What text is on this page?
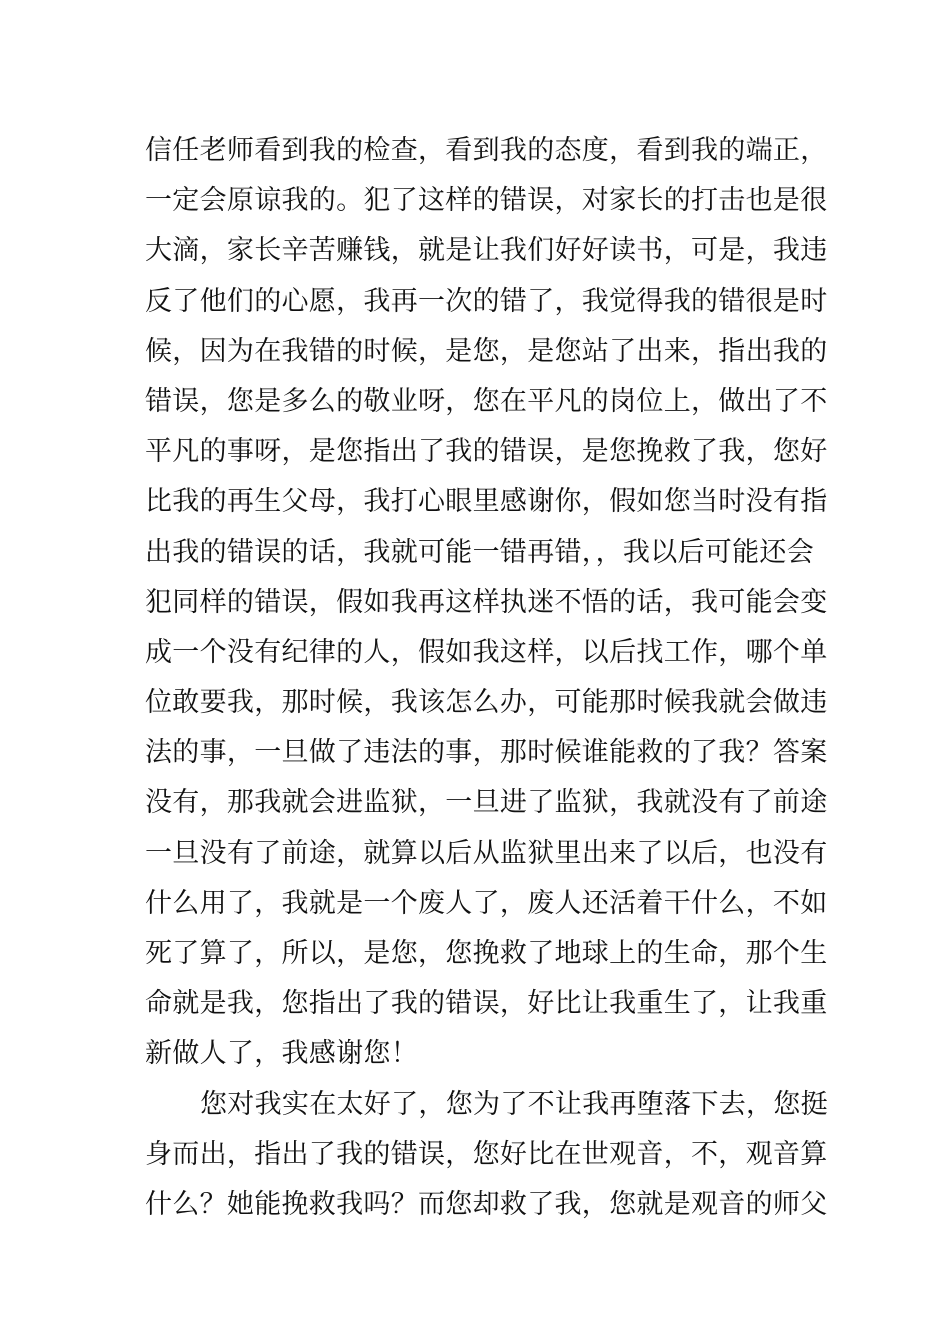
信任老师看到我的检查，看到我的态度，看到我的端正，
一定会原谅我的。犯了这样的错误，对家长的打击也是很
大滴，家长辛苦赚钱，就是让我们好好读书，可是，我违
反了他们的心愿，我再一次的错了，我觉得我的错很是时
候，因为在我错的时候，是您，是您站了出来，指出我的
错误，您是多么的敬业呀，您在平凡的岗位上，做出了不
平凡的事呀，是您指出了我的错误，是您挽救了我，您好
比我的再生父母，我打心眼里感谢你，假如您当时没有指
出我的错误的话，我就可能一错再错，，我以后可能还会
犯同样的错误，假如我再这样执迷不悟的话，我可能会变
成一个没有纪律的人，假如我这样，以后找工作，哪个单
位敢要我，那时候，我该怎么办，可能那时候我就会做违
法的事，一旦做了违法的事，那时候谁能救的了我？答案
没有，那我就会进监狱，一旦进了监狱，我就没有了前途
一旦没有了前途，就算以后从监狱里出来了以后，也没有
什么用了，我就是一个废人了，废人还活着干什么，不如
死了算了，所以，是您，您挽救了地球上的生命，那个生
命就是我，您指出了我的错误，好比让我重生了，让我重
新做人了，我感谢您！
您对我实在太好了，您为了不让我再堕落下去，您挺
身而出，指出了我的错误，您好比在世观音，不，观音算
什么？她能挽救我吗？而您却救了我，您就是观音的师父
